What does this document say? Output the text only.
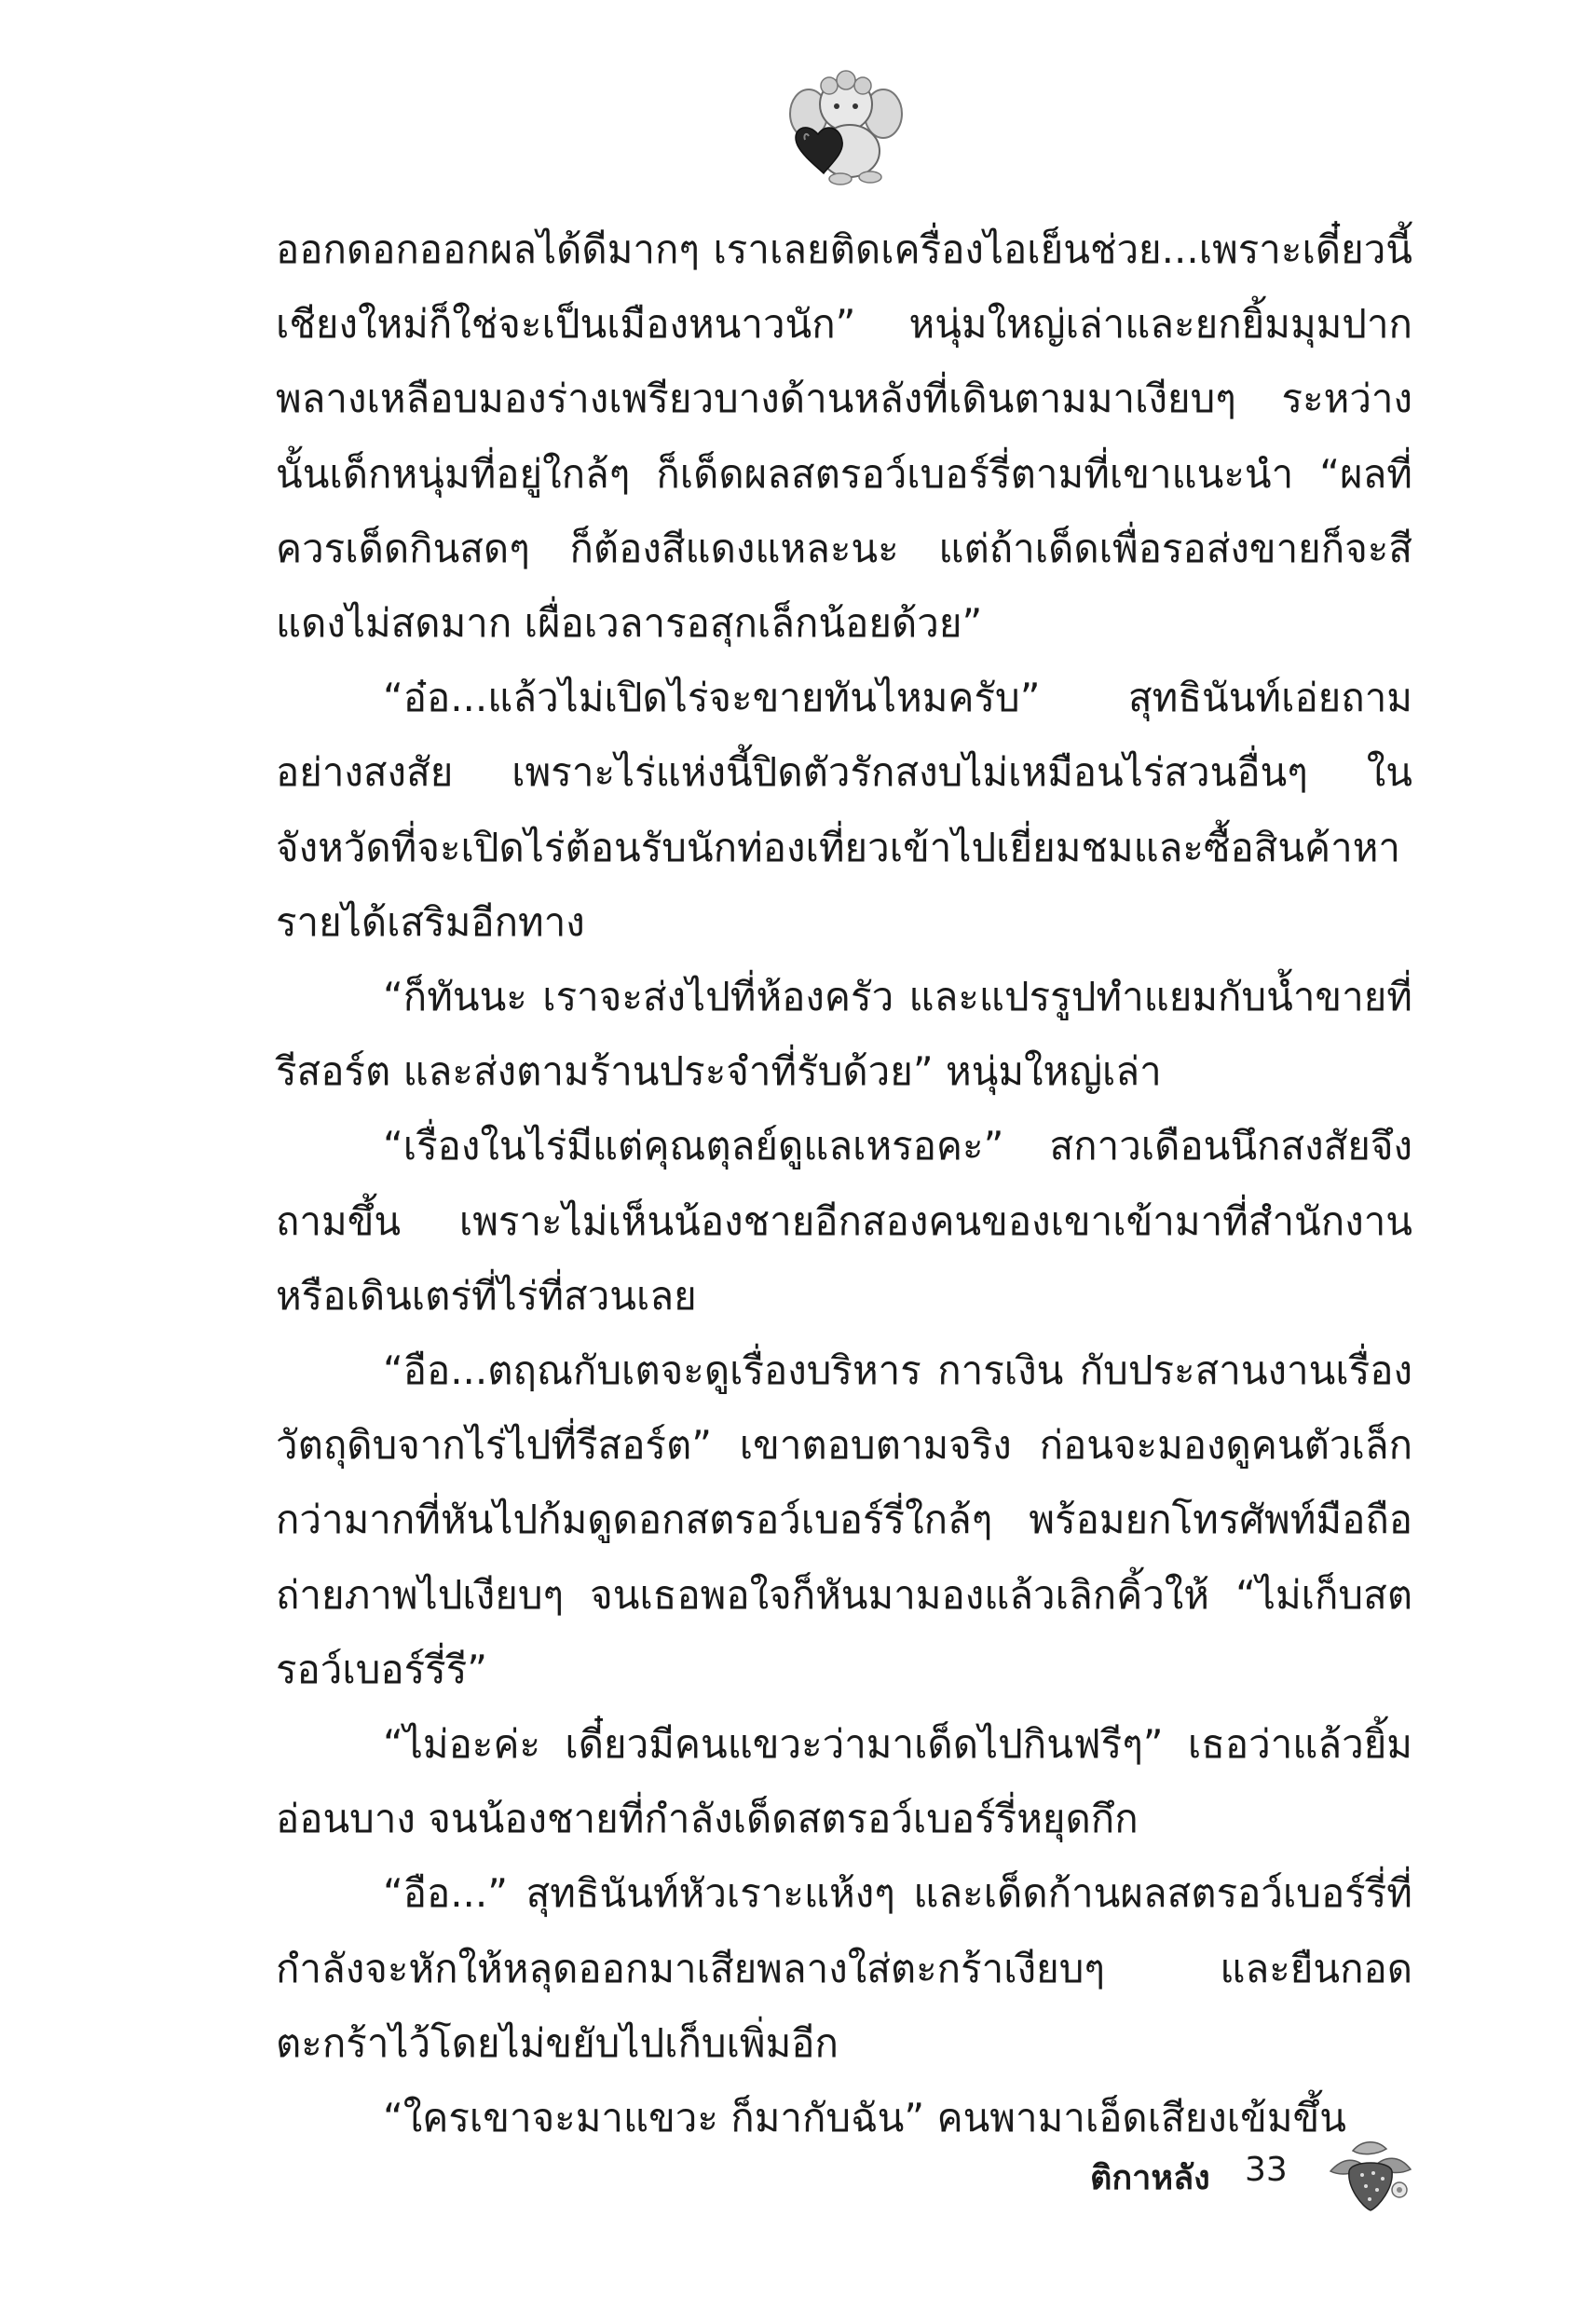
ออกดอกออกผลได้ดีมากๆ เราเลยติดเครื่องไอเย็นช่วย...เพราะเดี๋ยวนี้เชียงใหม่ก็ใช่จะเป็นเมืองหนาวนัก” หนุ่มใหญ่เล่าและยกยิ้มมุมปากพลางเหลือบมองร่างเพรียวบางด้านหลังที่เดินตามมาเงียบๆ ระหว่างนั้นเด็กหนุ่มที่อยู่ใกล้ๆ ก็เด็ดผลสตรอว์เบอร์รี่ตามที่เขาแนะนำ “ผลที่ควรเด็ดกินสดๆ ก็ต้องสีแดงแหละนะ แต่ถ้าเด็ดเพื่อรอส่งขายก็จะสีแดงไม่สดมาก เผื่อเวลารอสุกเล็กน้อยด้วย”

“อ๋อ...แล้วไม่เปิดไร่จะขายทันไหมครับ” สุทธินันท์เอ่ยถามอย่างสงสัย เพราะไร่แห่งนี้ปิดตัวรักสงบไม่เหมือนไร่สวนอื่นๆ ในจังหวัดที่จะเปิดไร่ต้อนรับนักท่องเที่ยวเข้าไปเยี่ยมชมและซื้อสินค้าหารายได้เสริมอีกทาง

“ก็ทันนะ เราจะส่งไปที่ห้องครัว และแปรรูปทำแยมกับน้ำขายที่รีสอร์ต และส่งตามร้านประจำที่รับด้วย” หนุ่มใหญ่เล่า

“เรื่องในไร่มีแต่คุณตุลย์ดูแลเหรอคะ” สกาวเดือนนึกสงสัยจึงถามขึ้น เพราะไม่เห็นน้องชายอีกสองคนของเขาเข้ามาที่สำนักงานหรือเดินเตร่ที่ไร่ที่สวนเลย

“อือ...ตฤณกับเตจะดูเรื่องบริหาร การเงิน กับประสานงานเรื่องวัตถุดิบจากไร่ไปที่รีสอร์ต” เขาตอบตามจริง ก่อนจะมองดูคนตัวเล็กกว่ามากที่หันไปก้มดูดอกสตรอว์เบอร์รี่ใกล้ๆ พร้อมยกโทรศัพท์มือถือถ่ายภาพไปเงียบๆ จนเธอพอใจก็หันมามองแล้วเลิกคิ้วให้ “ไม่เก็บสตรอว์เบอร์รี่รี”

“ไม่อะค่ะ เดี๋ยวมีคนแขวะว่ามาเด็ดไปกินฟรีๆ” เธอว่าแล้วยิ้มอ่อนบาง จนน้องชายที่กำลังเด็ดสตรอว์เบอร์รี่หยุดกึก

“อือ...” สุทธินันท์หัวเราะแห้งๆ และเด็ดก้านผลสตรอว์เบอร์รี่ที่กำลังจะหักให้หลุดออกมาเสียพลางใส่ตะกร้าเงียบๆ และยืนกอดตะกร้าไว้โดยไม่ขยับไปเก็บเพิ่มอีก

“ใครเขาจะมาแขวะ ก็มากับฉัน” คนพามาเอ็ดเสียงเข้มขึ้น

ติกาหลัง 33
